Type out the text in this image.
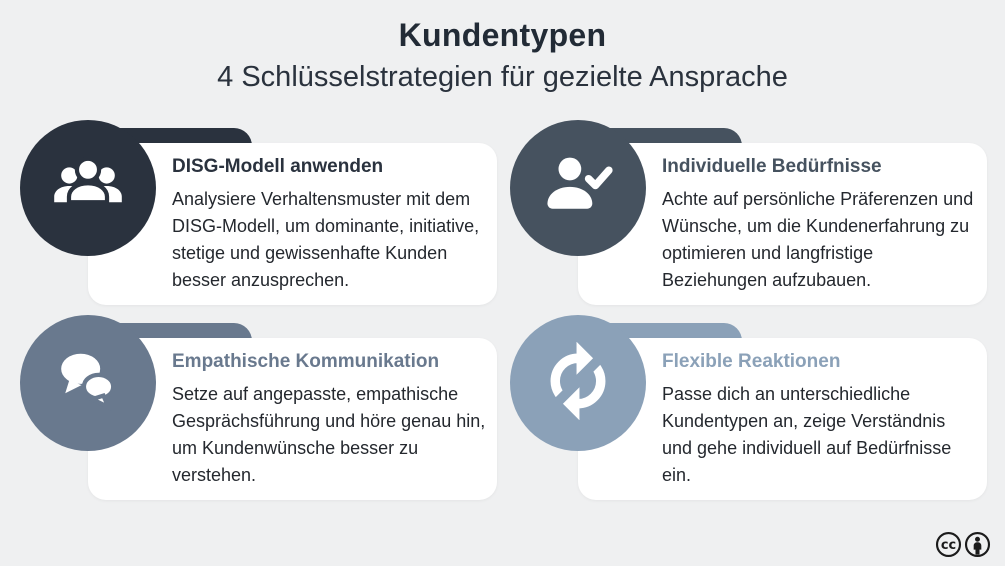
Kundentypen
4 Schlüsselstrategien für gezielte Ansprache
DISG-Modell anwenden

Analysiere Verhaltensmuster mit dem DISG-Modell, um dominante, initiative, stetige und gewissenhafte Kunden besser anzusprechen.

Individuelle Bedürfnisse

Achte auf persönliche Präferenzen und Wünsche, um die Kundenerfahrung zu optimieren und langfristige Beziehungen aufzubauen.

Empathische Kommunikation

Setze auf angepasste, empathische Gesprächsführung und höre genau hin, um Kundenwünsche besser zu verstehen.

Flexible Reaktionen

Passe dich an unterschiedliche Kundentypen an, zeige Verständnis und gehe individuell auf Bedürfnisse ein.

cc
